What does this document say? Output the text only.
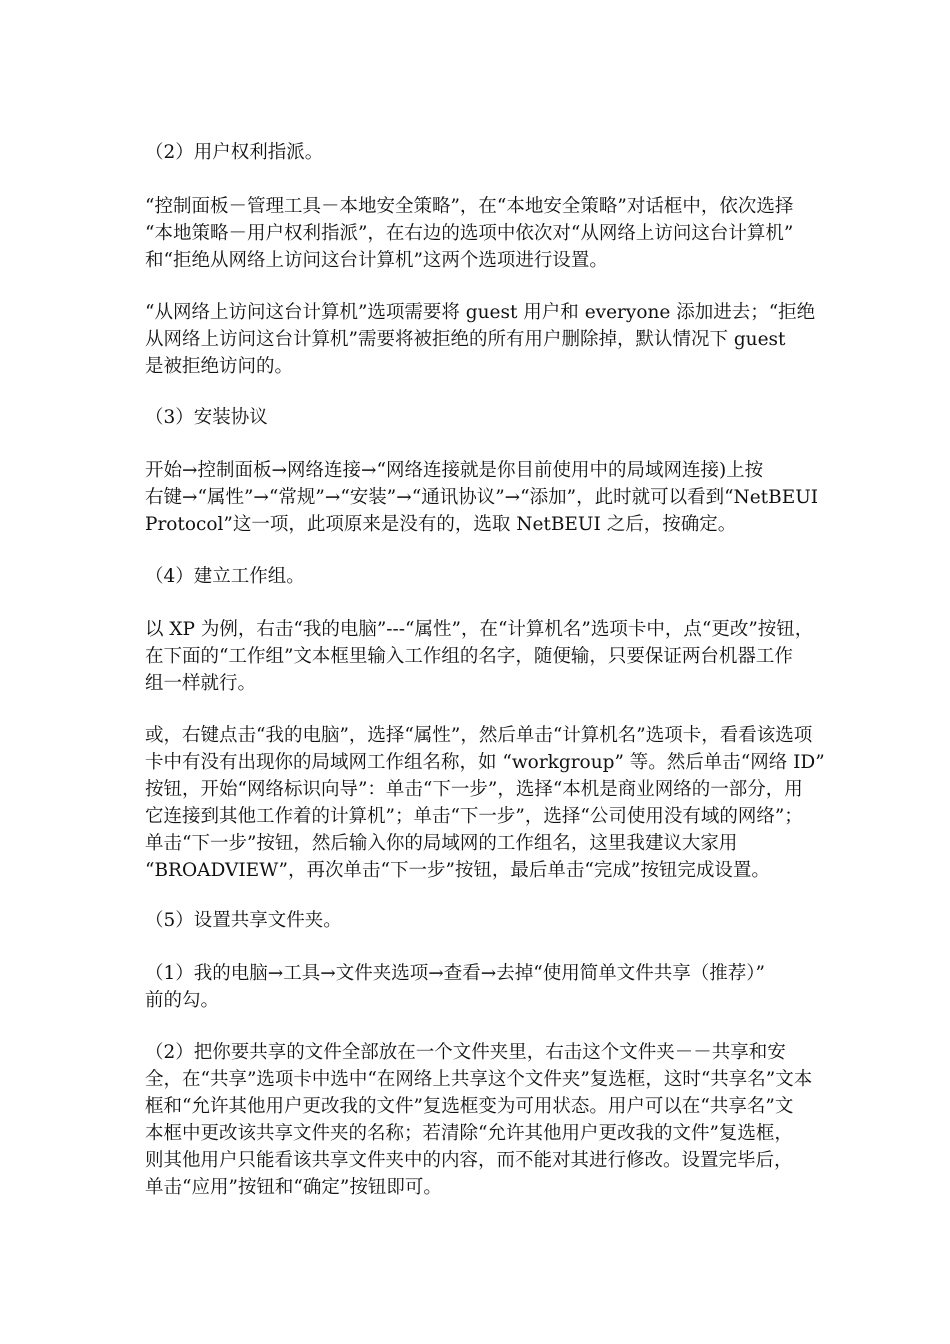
（2）用户权利指派。

“控制面板－管理工具－本地安全策略”，在“本地安全策略”对话框中，依次选择
“本地策略－用户权利指派”，在右边的选项中依次对“从网络上访问这台计算机”
和“拒绝从网络上访问这台计算机”这两个选项进行设置。

“从网络上访问这台计算机”选项需要将 guest 用户和 everyone 添加进去；“拒绝
从网络上访问这台计算机”需要将被拒绝的所有用户删除掉，默认情况下 guest
是被拒绝访问的。

（3）安装协议

开始→控制面板→网络连接→“网络连接就是你目前使用中的局域网连接)上按
右键→“属性”→“常规”→“安装”→“通讯协议”→“添加”，此时就可以看到“NetBEUI
Protocol”这一项，此项原来是没有的，选取 NetBEUI 之后，按确定。

（4）建立工作组。

以 XP 为例，右击“我的电脑”---“属性”，在“计算机名”选项卡中，点“更改”按钮，
在下面的“工作组”文本框里输入工作组的名字，随便输，只要保证两台机器工作
组一样就行。

或，右键点击“我的电脑”，选择“属性”，然后单击“计算机名”选项卡，看看该选项
卡中有没有出现你的局域网工作组名称，如 “workgroup” 等。然后单击“网络 ID”
按钮，开始“网络标识向导”：单击“下一步”，选择“本机是商业网络的一部分，用
它连接到其他工作着的计算机”；单击“下一步”，选择“公司使用没有域的网络”；
单击“下一步”按钮，然后输入你的局域网的工作组名，这里我建议大家用
“BROADVIEW”，再次单击“下一步”按钮，最后单击“完成”按钮完成设置。

（5）设置共享文件夹。

（1）我的电脑→工具→文件夹选项→查看→去掉“使用简单文件共享（推荐）”
前的勾。

（2）把你要共享的文件全部放在一个文件夹里，右击这个文件夹－－共享和安
全，在“共享”选项卡中选中“在网络上共享这个文件夹”复选框，这时“共享名”文本
框和“允许其他用户更改我的文件”复选框变为可用状态。用户可以在“共享名”文
本框中更改该共享文件夹的名称；若清除“允许其他用户更改我的文件”复选框，
则其他用户只能看该共享文件夹中的内容，而不能对其进行修改。设置完毕后，
单击“应用”按钮和“确定”按钮即可。
